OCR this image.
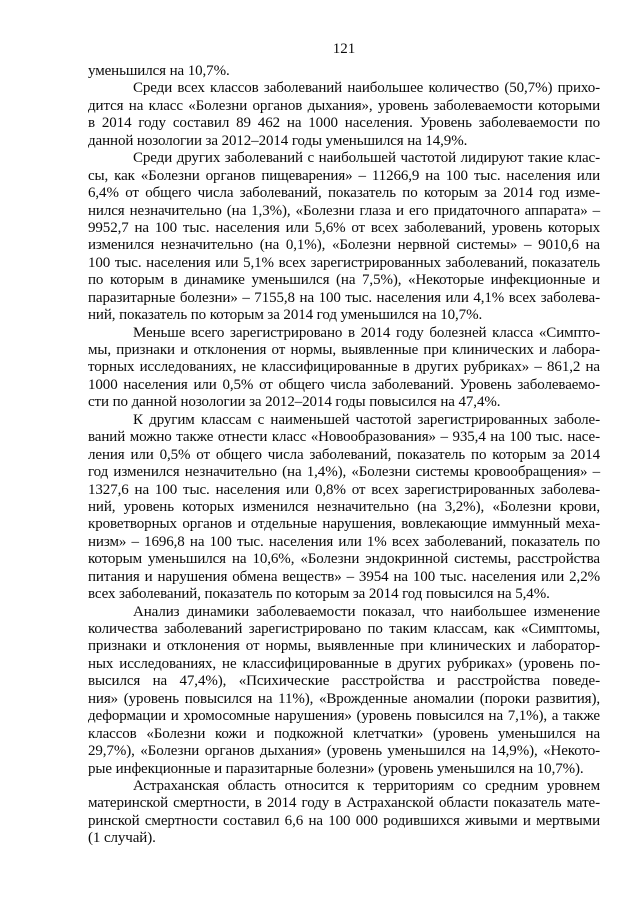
121
уменьшился на 10,7%.
Среди всех классов заболеваний наибольшее количество (50,7%) прихо-
дится на класс «Болезни органов дыхания», уровень заболеваемости которыми
в 2014 году составил 89 462 на 1000 населения. Уровень заболеваемости по
данной нозологии за 2012–2014 годы уменьшился на 14,9%.
Среди других заболеваний с наибольшей частотой лидируют такие клас-
сы, как «Болезни органов пищеварения» – 11266,9 на 100 тыс. населения или
6,4% от общего числа заболеваний, показатель по которым за 2014 год изме-
нился незначительно (на 1,3%), «Болезни глаза и его придаточного аппарата» –
9952,7 на 100 тыс. населения или 5,6% от всех заболеваний, уровень которых
изменился незначительно (на 0,1%), «Болезни нервной системы» – 9010,6 на
100 тыс. населения или 5,1% всех зарегистрированных заболеваний, показатель
по которым в динамике уменьшился (на 7,5%), «Некоторые инфекционные и
паразитарные болезни» – 7155,8 на 100 тыс. населения или 4,1% всех заболева-
ний, показатель по которым за 2014 год уменьшился на 10,7%.
Меньше всего зарегистрировано в 2014 году болезней класса «Симпто-
мы, признаки и отклонения от нормы, выявленные при клинических и лабора-
торных исследованиях, не классифицированные в других рубриках» – 861,2 на
1000 населения или 0,5% от общего числа заболеваний. Уровень заболеваемо-
сти по данной нозологии за 2012–2014 годы повысился на 47,4%.
К другим классам с наименьшей частотой зарегистрированных заболе-
ваний можно также отнести класс «Новообразования» – 935,4 на 100 тыс. насе-
ления или 0,5% от общего числа заболеваний, показатель по которым за 2014
год изменился незначительно (на 1,4%), «Болезни системы кровообращения» –
1327,6 на 100 тыс. населения или 0,8% от всех зарегистрированных заболева-
ний, уровень которых изменился незначительно (на 3,2%), «Болезни крови,
кроветворных органов и отдельные нарушения, вовлекающие иммунный меха-
низм» – 1696,8 на 100 тыс. населения или 1% всех заболеваний, показатель по
которым уменьшился на 10,6%, «Болезни эндокринной системы, расстройства
питания и нарушения обмена веществ» – 3954 на 100 тыс. населения или 2,2%
всех заболеваний, показатель по которым за 2014 год повысился на 5,4%.
Анализ динамики заболеваемости показал, что наибольшее изменение
количества заболеваний зарегистрировано по таким классам, как «Симптомы,
признаки и отклонения от нормы, выявленные при клинических и лаборатор-
ных исследованиях, не классифицированные в других рубриках» (уровень по-
высился на 47,4%), «Психические расстройства и расстройства поведе-
ния» (уровень повысился на 11%), «Врожденные аномалии (пороки развития),
деформации и хромосомные нарушения» (уровень повысился на 7,1%), а также
классов «Болезни кожи и подкожной клетчатки» (уровень уменьшился на
29,7%), «Болезни органов дыхания» (уровень уменьшился на 14,9%), «Некото-
рые инфекционные и паразитарные болезни» (уровень уменьшился на 10,7%).
Астраханская область относится к территориям со средним уровнем
материнской смертности, в 2014 году в Астраханской области показатель мате-
ринской смертности составил 6,6 на 100 000 родившихся живыми и мертвыми
(1 случай).
